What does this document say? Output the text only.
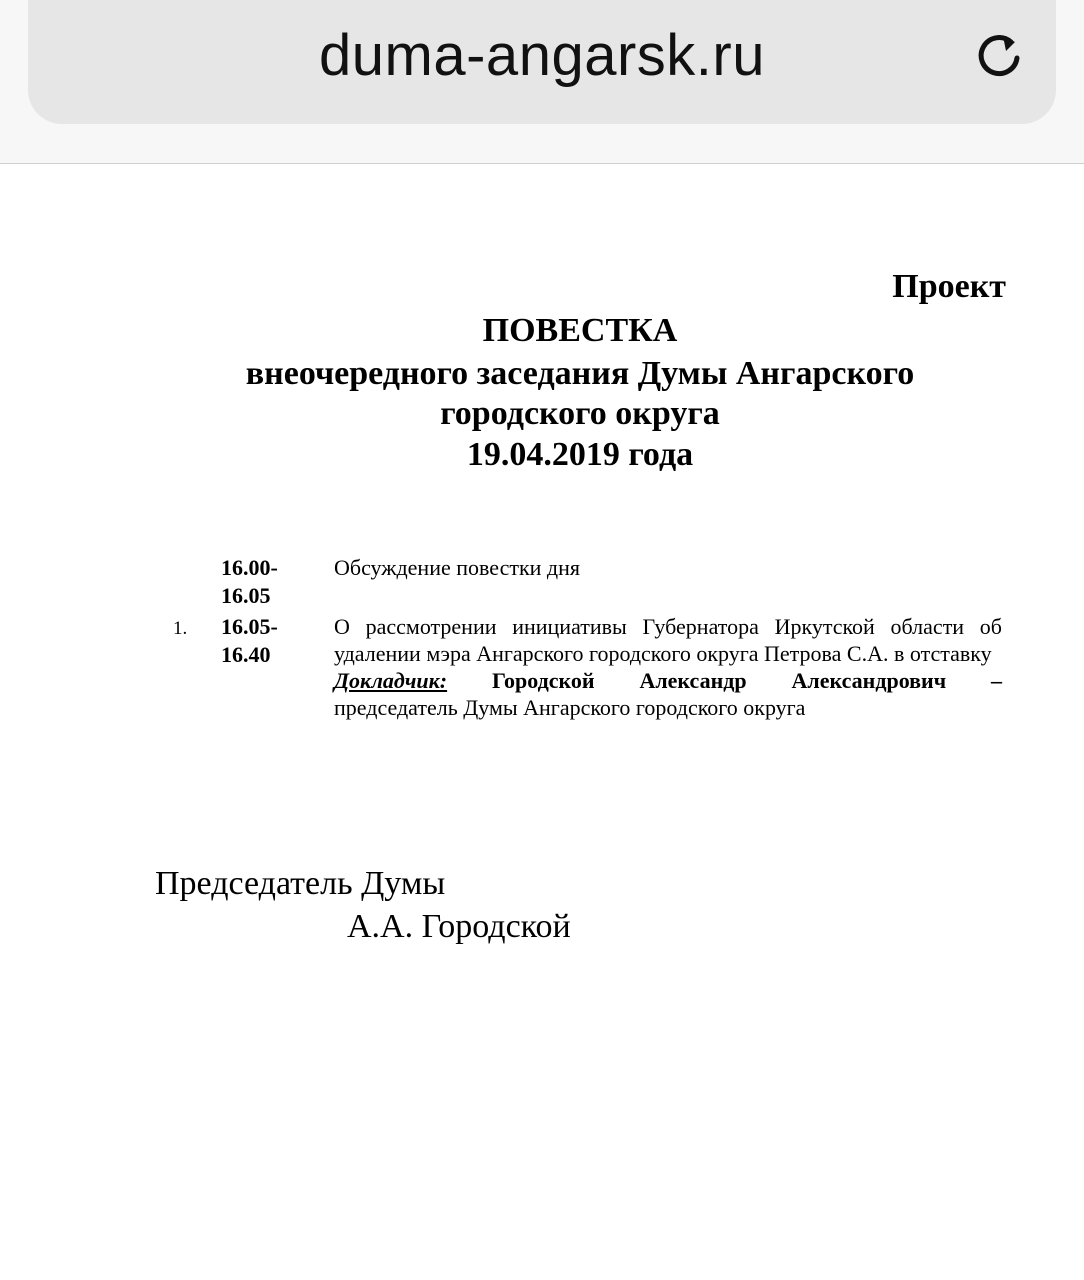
duma-angarsk.ru
Проект
ПОВЕСТКА
внеочередного заседания Думы Ангарского
городского округа
19.04.2019 года
16.00-
16.05
Обсуждение повестки дня
1. 16.05-
16.40
О рассмотрении инициативы Губернатора Иркутской области об удалении мэра Ангарского городского округа Петрова С.А. в отставку
Докладчик: Городской Александр Александрович –
председатель Думы Ангарского городского округа
Председатель Думы
А.А. Городской
